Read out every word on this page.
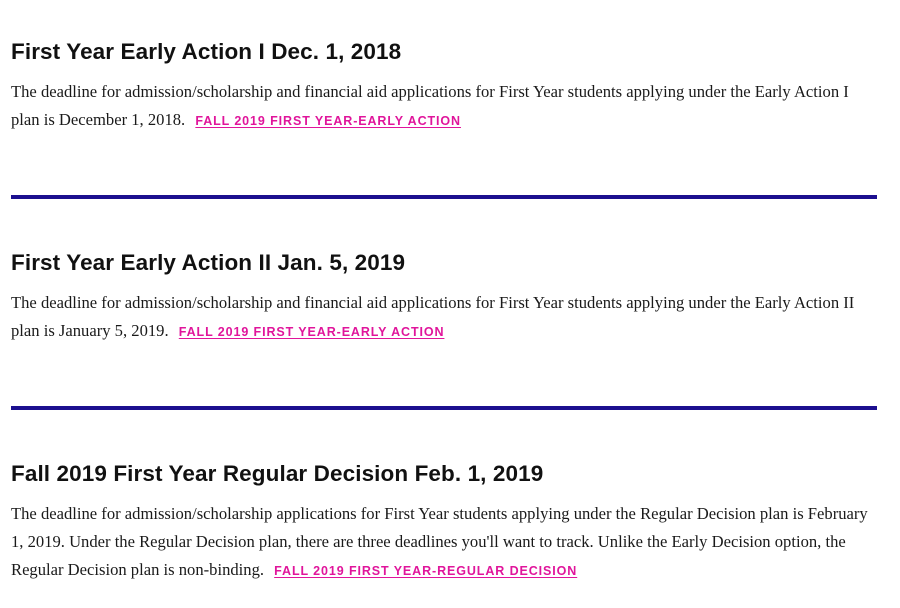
First Year Early Action I Dec. 1, 2018

The deadline for admission/scholarship and financial aid applications for First Year students applying under the Early Action I plan is December 1, 2018. FALL 2019 FIRST YEAR-EARLY ACTION

First Year Early Action II Jan. 5, 2019

The deadline for admission/scholarship and financial aid applications for First Year students applying under the Early Action II plan is January 5, 2019. FALL 2019 FIRST YEAR-EARLY ACTION

Fall 2019 First Year Regular Decision Feb. 1, 2019

The deadline for admission/scholarship applications for First Year students applying under the Regular Decision plan is February 1, 2019. Under the Regular Decision plan, there are three deadlines you'll want to track. Unlike the Early Decision option, the Regular Decision plan is non-binding. FALL 2019 FIRST YEAR-REGULAR DECISION
